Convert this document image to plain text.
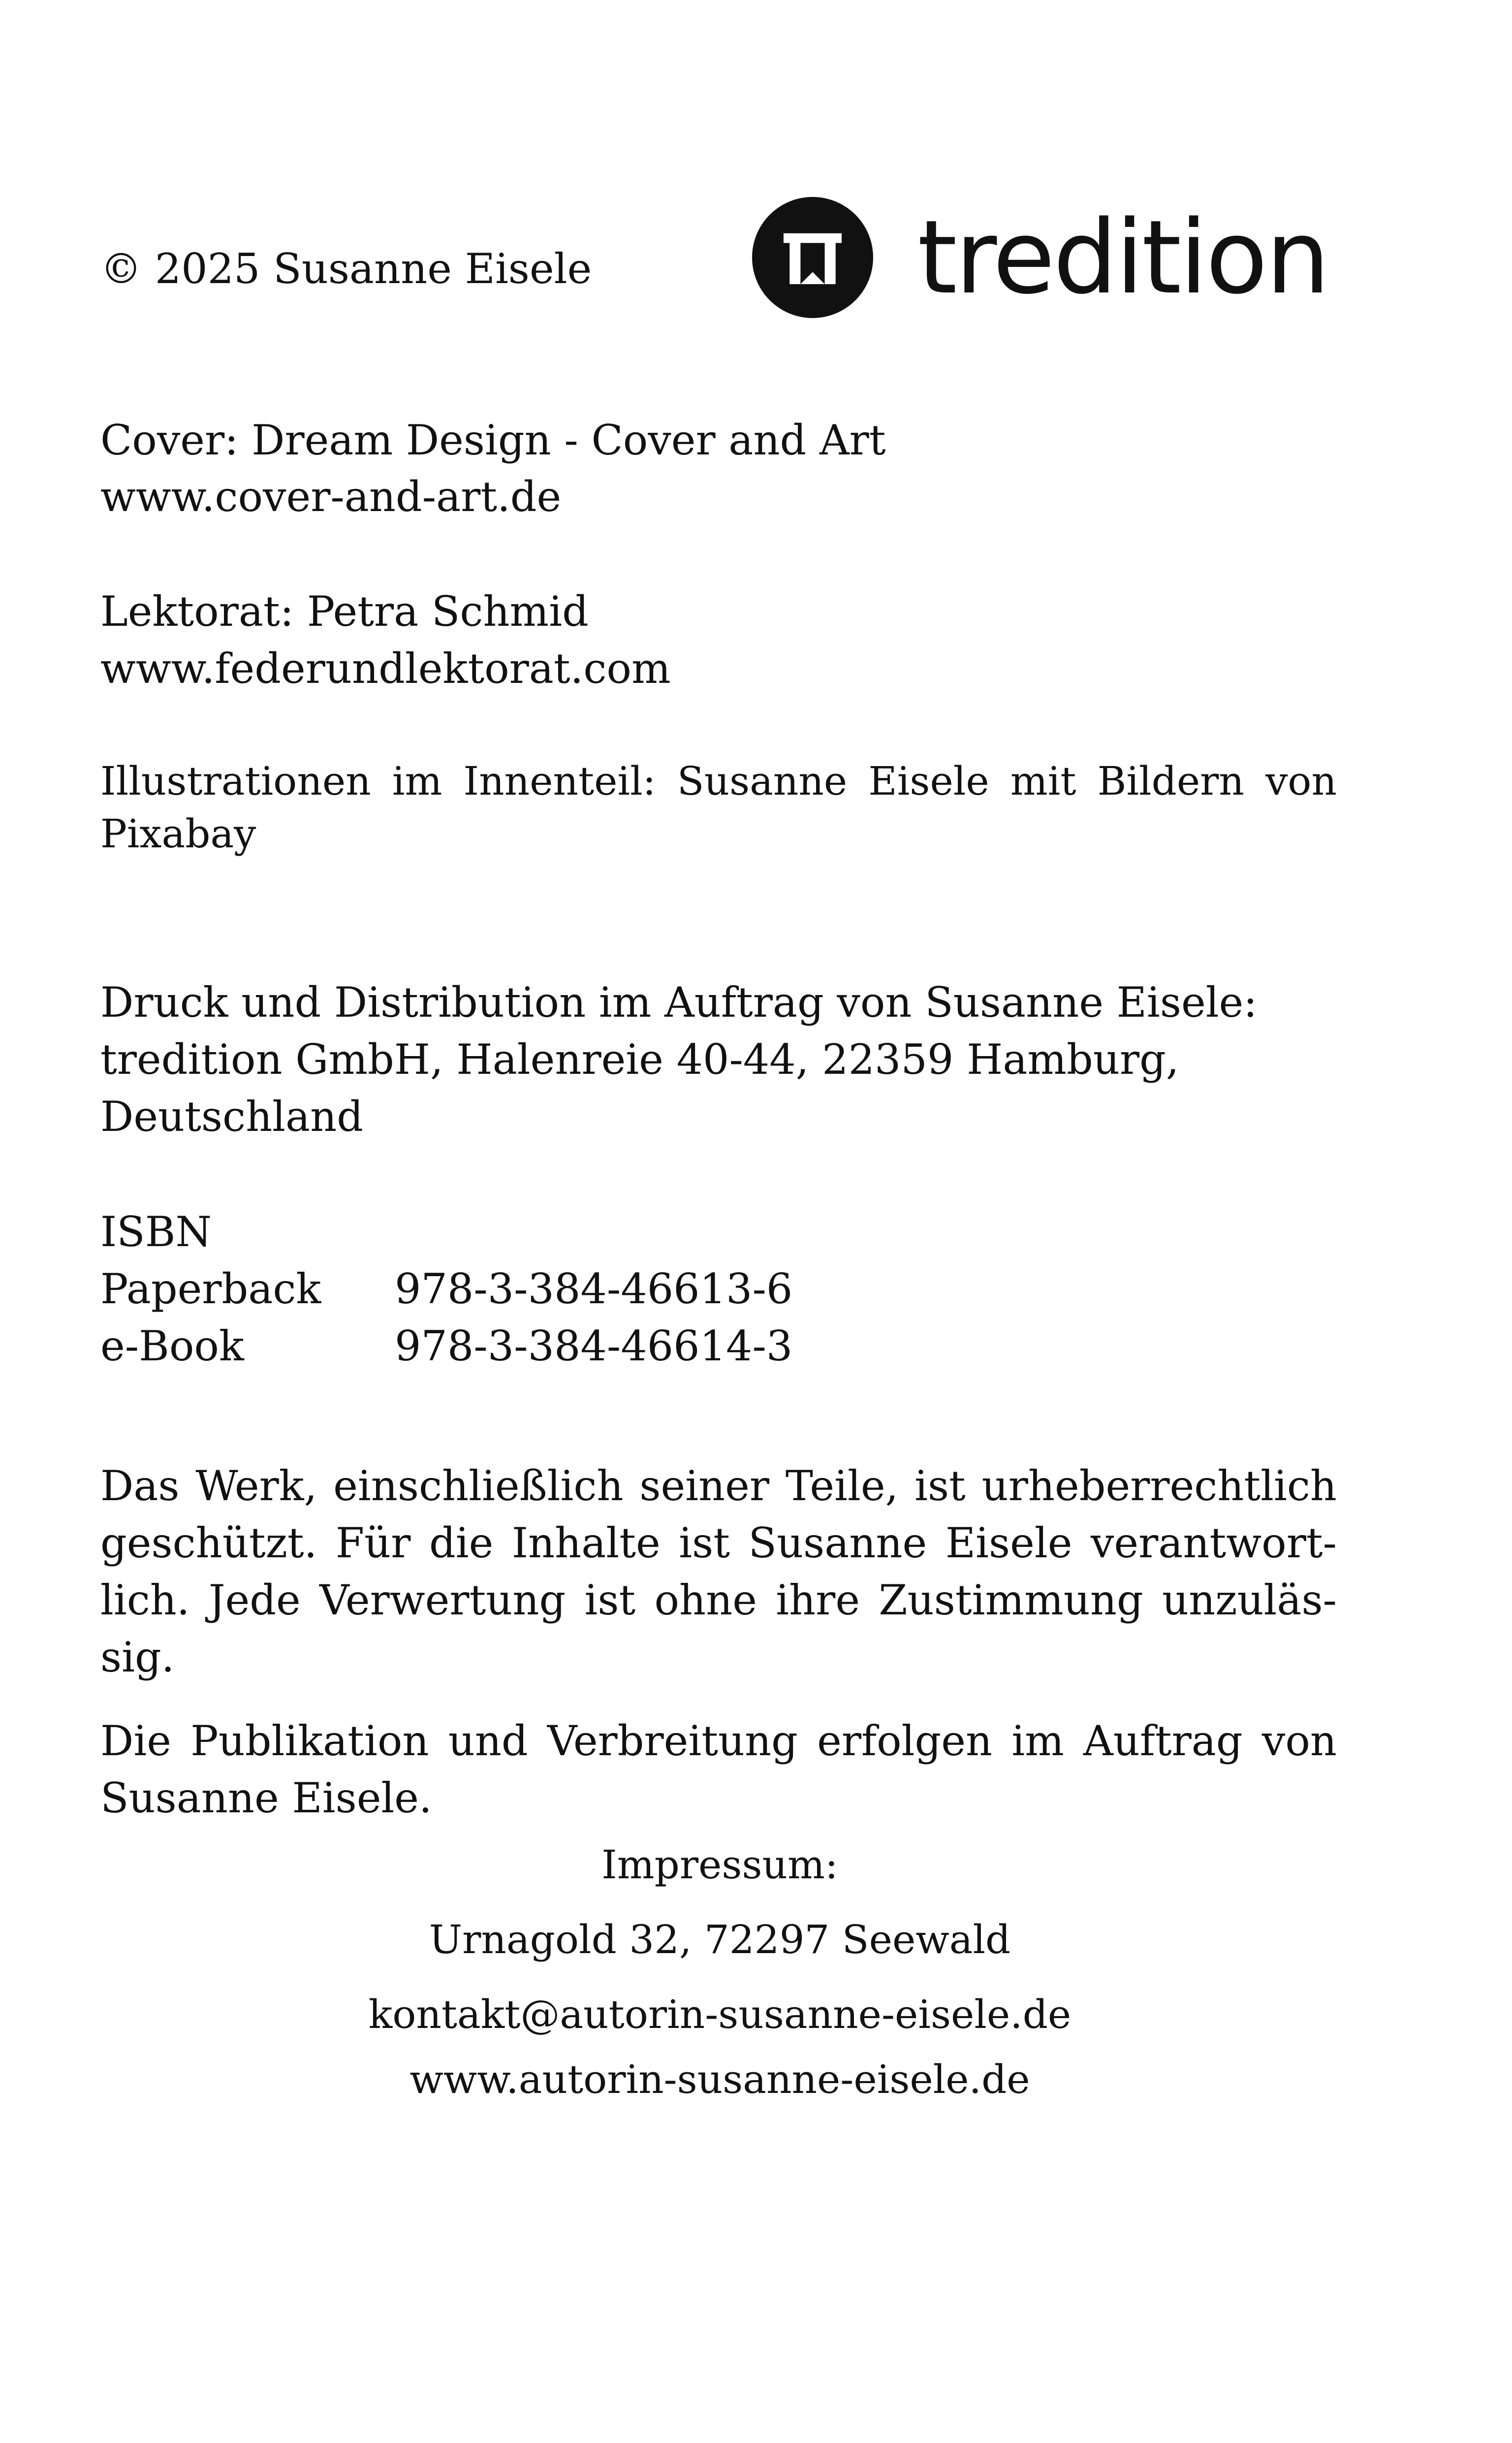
© 2025 Susanne Eisele	tredition
Cover: Dream Design - Cover and Art
www.cover-and-art.de
Lektorat: Petra Schmid
www.federundlektorat.com
Illustrationen im Innenteil: Susanne Eisele mit Bildern von
Pixabay
Druck und Distribution im Auftrag von Susanne Eisele:
tredition GmbH, Halenreie 40-44, 22359 Hamburg,
Deutschland
ISBN
Paperback 978-3-384-46613-6
e-Book	978-3-384-46614-3
Das Werk, einschließlich seiner Teile, ist urheberrechtlich
geschützt. Für die Inhalte ist Susanne Eisele verantwort-
lich. Jede Verwertung ist ohne ihre Zustimmung unzuläs-
sig.
Die Publikation und Verbreitung erfolgen im Auftrag von
Susanne Eisele.
Impressum:
Urnagold 32, 72297 Seewald
kontakt@autorin-susanne-eisele.de
www.autorin-susanne-eisele.de
